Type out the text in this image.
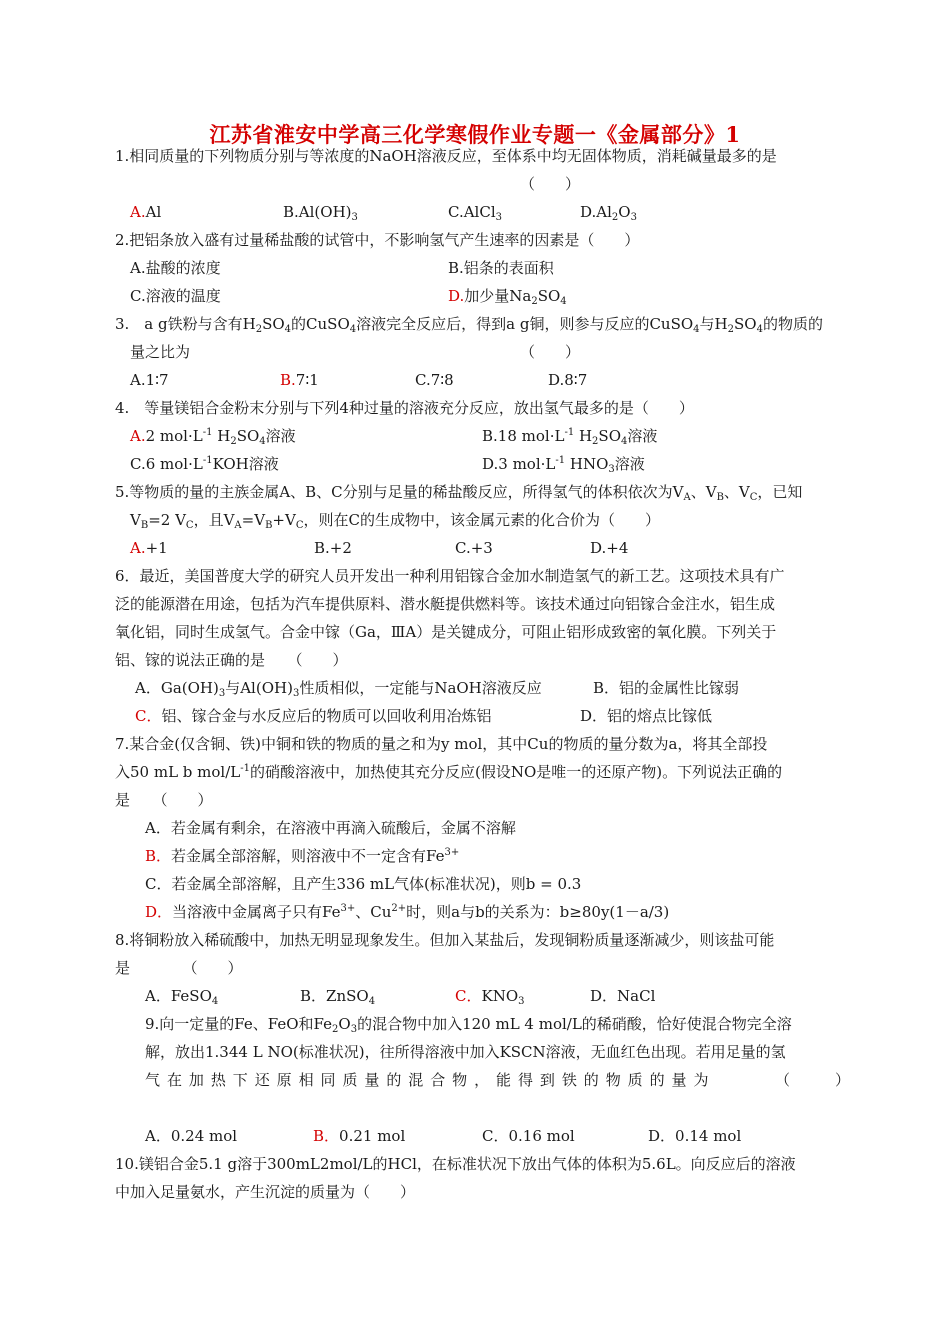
江苏省淮安中学高三化学寒假作业专题一《金属部分》1
1.相同质量的下列物质分别与等浓度的NaOH溶液反应，至体系中均无固体物质，消耗碱量最多的是
（　　）
A.Al	$B.Al(OH)_3$	C.AlCl$_3$	$D.Al_2O_3$
2.把铝条放入盛有过量稀盐酸的试管中，不影响氢气产生速率的因素是（　　）
A.盐酸的浓度	B.铝条的表面积
C.溶液的温度	D.加少量$Na_2SO_4$
3.　a g铁粉与含有$H_2SO_4$的CuSO$_4$溶液完全反应后，得到a g铜，则参与反应的CuSO$_4$与$H_2SO_4$的物质的
量之比为	（　　）
A.1∶7	B.7∶1	C.7∶8	D.8∶7
4.　等量镁铝合金粉末分别与下列4种过量的溶液充分反应，放出氢气最多的是（　　）
A.2 $mol\cdot L^{-1}$ $H_2SO_4$溶液	B.18 $mol\cdot L^{-1}$ $H_2SO_4$溶液
C.6 $mol\cdot L^{-1}KOH$溶液	D.3 $mol\cdot L^{-1}$ $HNO_3$溶液
5.等物质的量的主族金属A、B、C分别与足量的稀盐酸反应，所得氢气的体积依次为$V_A$、$V_B$、$V_C$，已知
$V_B=2$ $V_C$，且$V_A=V_B+V_C$，则在C的生成物中，该金属元素的化合价为（　　）
A.+1	B.+2	C.+3	D.+4
6．最近，美国普度大学的研究人员开发出一种利用铝镓合金加水制造氢气的新工艺。这项技术具有广
泛的能源潜在用途，包括为汽车提供原料、潜水艇提供燃料等。该技术通过向铝镓合金注水，铝生成
氧化铝，同时生成氢气。合金中镓（Ga，ⅢA）是关键成分，可阻止铝形成致密的氧化膜。下列关于
铝、镓的说法正确的是　　（　　）
A．$Ga(OH)_3$与$Al(OH)_3$性质相似，一定能与NaOH溶液反应	B．铝的金属性比镓弱
C．铝、镓合金与水反应后的物质可以回收利用冶炼铝	D．铝的熔点比镓低
7.某合金(仅含铜、铁)中铜和铁的物质的量之和为y mol，其中Cu的物质的量分数为a，将其全部投
入50 mL b mol/$L^{-1}$的硝酸溶液中，加热使其充分反应(假设NO是唯一的还原产物)。下列说法正确的
是　　（　　）
A．若金属有剩余，在溶液中再滴入硫酸后，金属不溶解
B．若金属全部溶解，则溶液中不一定含有$Fe^{3+}$
C．若金属全部溶解，且产生336 mL气体(标准状况)，则b = 0.3
D．当溶液中金属离子只有$Fe^{3+}$、$Cu^{2+}$时，则a与b的关系为：b≥80y(1－a/3)
8.将铜粉放入稀硫酸中，加热无明显现象发生。但加入某盐后，发现铜粉质量逐渐减少，则该盐可能
是　　　　（　　）
A．FeSO$_4$	B．ZnSO$_4$	C．$KNO_3$	D．NaCl
9.向一定量的Fe、FeO和$Fe_2O_3$的混合物中加入120 mL 4 mol/L的稀硝酸，恰好使混合物完全溶
解，放出1.344 L NO(标准状况)，往所得溶液中加入KSCN溶液，无血红色出现。若用足量的氢
气在加热下还原相同质量的混合物，能得到铁的物质的量为	（　　　）
A．0.24 mol	B．0.21 mol	C．0.16 mol	D．0.14 mol
10.镁铝合金5.1 g溶于300mL2mol/L的HCl，在标准状况下放出气体的体积为5.6L。向反应后的溶液
中加入足量氨水，产生沉淀的质量为（　　）
